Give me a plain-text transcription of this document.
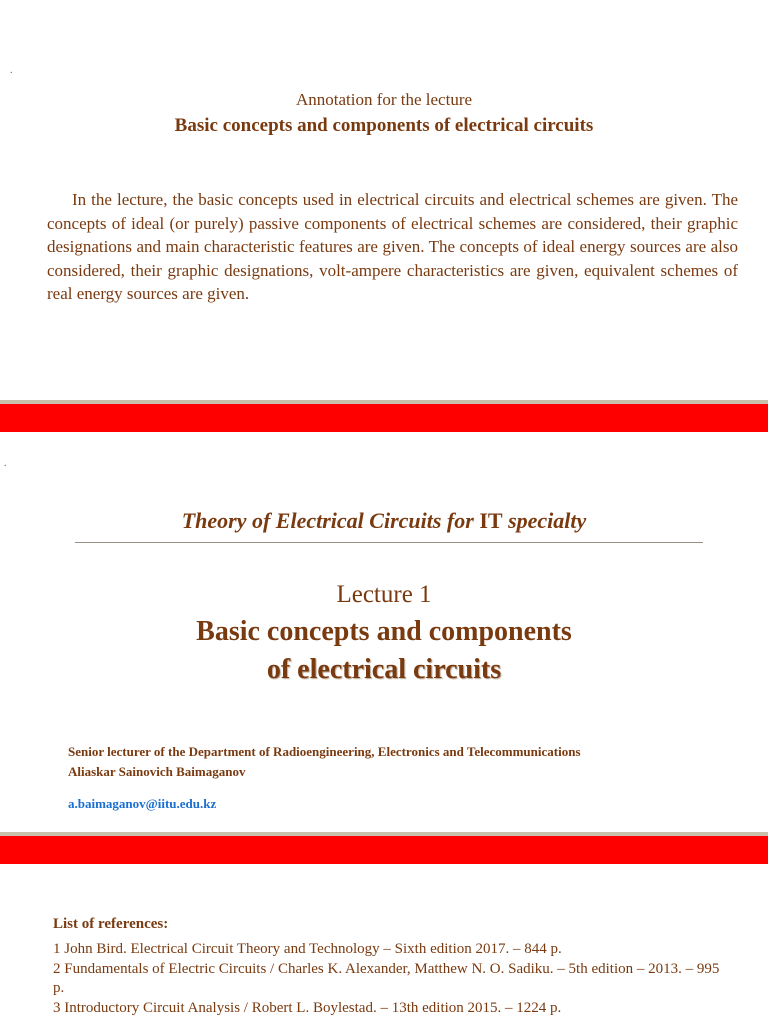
.
.
Annotation for the lecture
Basic concepts and components of electrical circuits
In the lecture, the basic concepts used in electrical circuits and electrical schemes are given. The concepts of ideal (or purely) passive components of electrical schemes are considered, their graphic designations and main characteristic features are given. The concepts of ideal energy sources are also considered, their graphic designations, volt-ampere characteristics are given, equivalent schemes of real energy sources are given.
Theory of Electrical Circuits for IT specialty
Lecture 1
Basic concepts and components
of electrical circuits
Senior lecturer of the Department of Radioengineering, Electronics and Telecommunications
Aliaskar Sainovich Baimaganov
a.baimaganov@iitu.edu.kz
List of references:
1 John Bird. Electrical Circuit Theory and Technology – Sixth edition 2017. – 844 p.
2 Fundamentals of Electric Circuits / Charles K. Alexander, Matthew N. O. Sadiku. – 5th edition – 2013. – 995 p.
3 Introductory Circuit Analysis / Robert L. Boylestad. – 13th edition 2015. – 1224 p.
